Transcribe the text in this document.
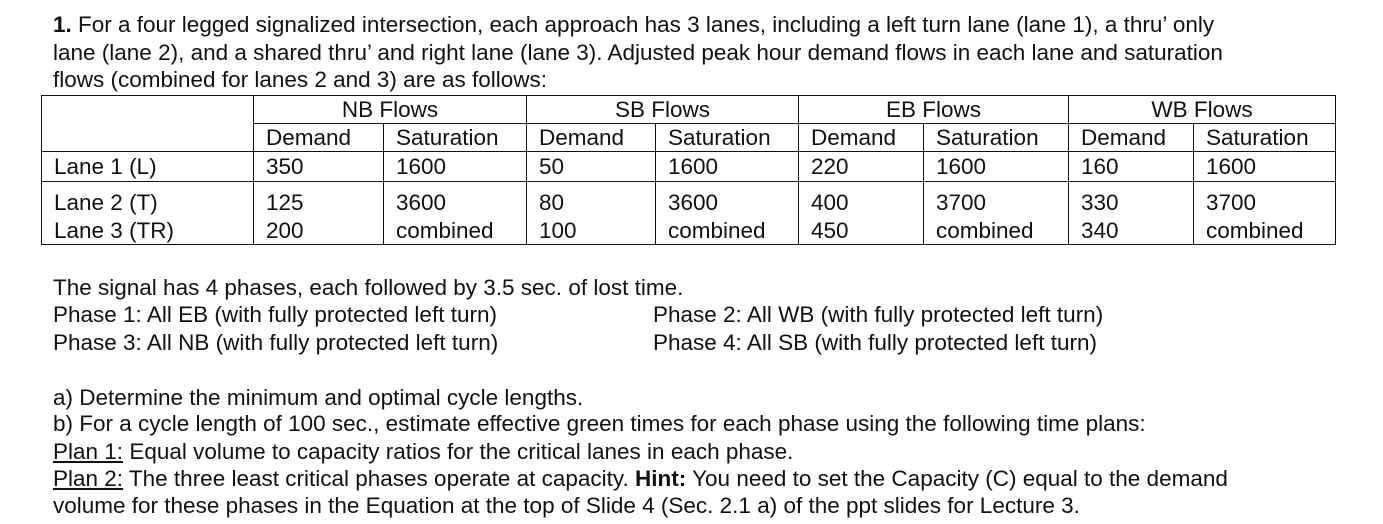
1. For a four legged signalized intersection, each approach has 3 lanes, including a left turn lane (lane 1), a thru’ only
lane (lane 2), and a shared thru’ and right lane (lane 3). Adjusted peak hour demand flows in each lane and saturation
flows (combined for lanes 2 and 3) are as follows:
	NB Flows		SB Flows		EB Flows		WB Flows	
	Demand	Saturation	Demand	Saturation	Demand	Saturation	Demand	Saturation
Lane 1 (L)	350	1600	50	1600	220	1600	160	1600
Lane 2 (T)	125	3600	80	3600	400	3700	330	3700
Lane 3 (TR)	200	combined	100	combined	450	combined	340	combined
The signal has 4 phases, each followed by 3.5 sec. of lost time.
Phase 1: All EB (with fully protected left turn)	Phase 2: All WB (with fully protected left turn)
Phase 3: All NB (with fully protected left turn)	Phase 4: All SB (with fully protected left turn)
a) Determine the minimum and optimal cycle lengths.
b) For a cycle length of 100 sec., estimate effective green times for each phase using the following time plans:
Plan 1: Equal volume to capacity ratios for the critical lanes in each phase.
Plan 2: The three least critical phases operate at capacity. Hint: You need to set the Capacity (C) equal to the demand
volume for these phases in the Equation at the top of Slide 4 (Sec. 2.1 a) of the ppt slides for Lecture 3.
